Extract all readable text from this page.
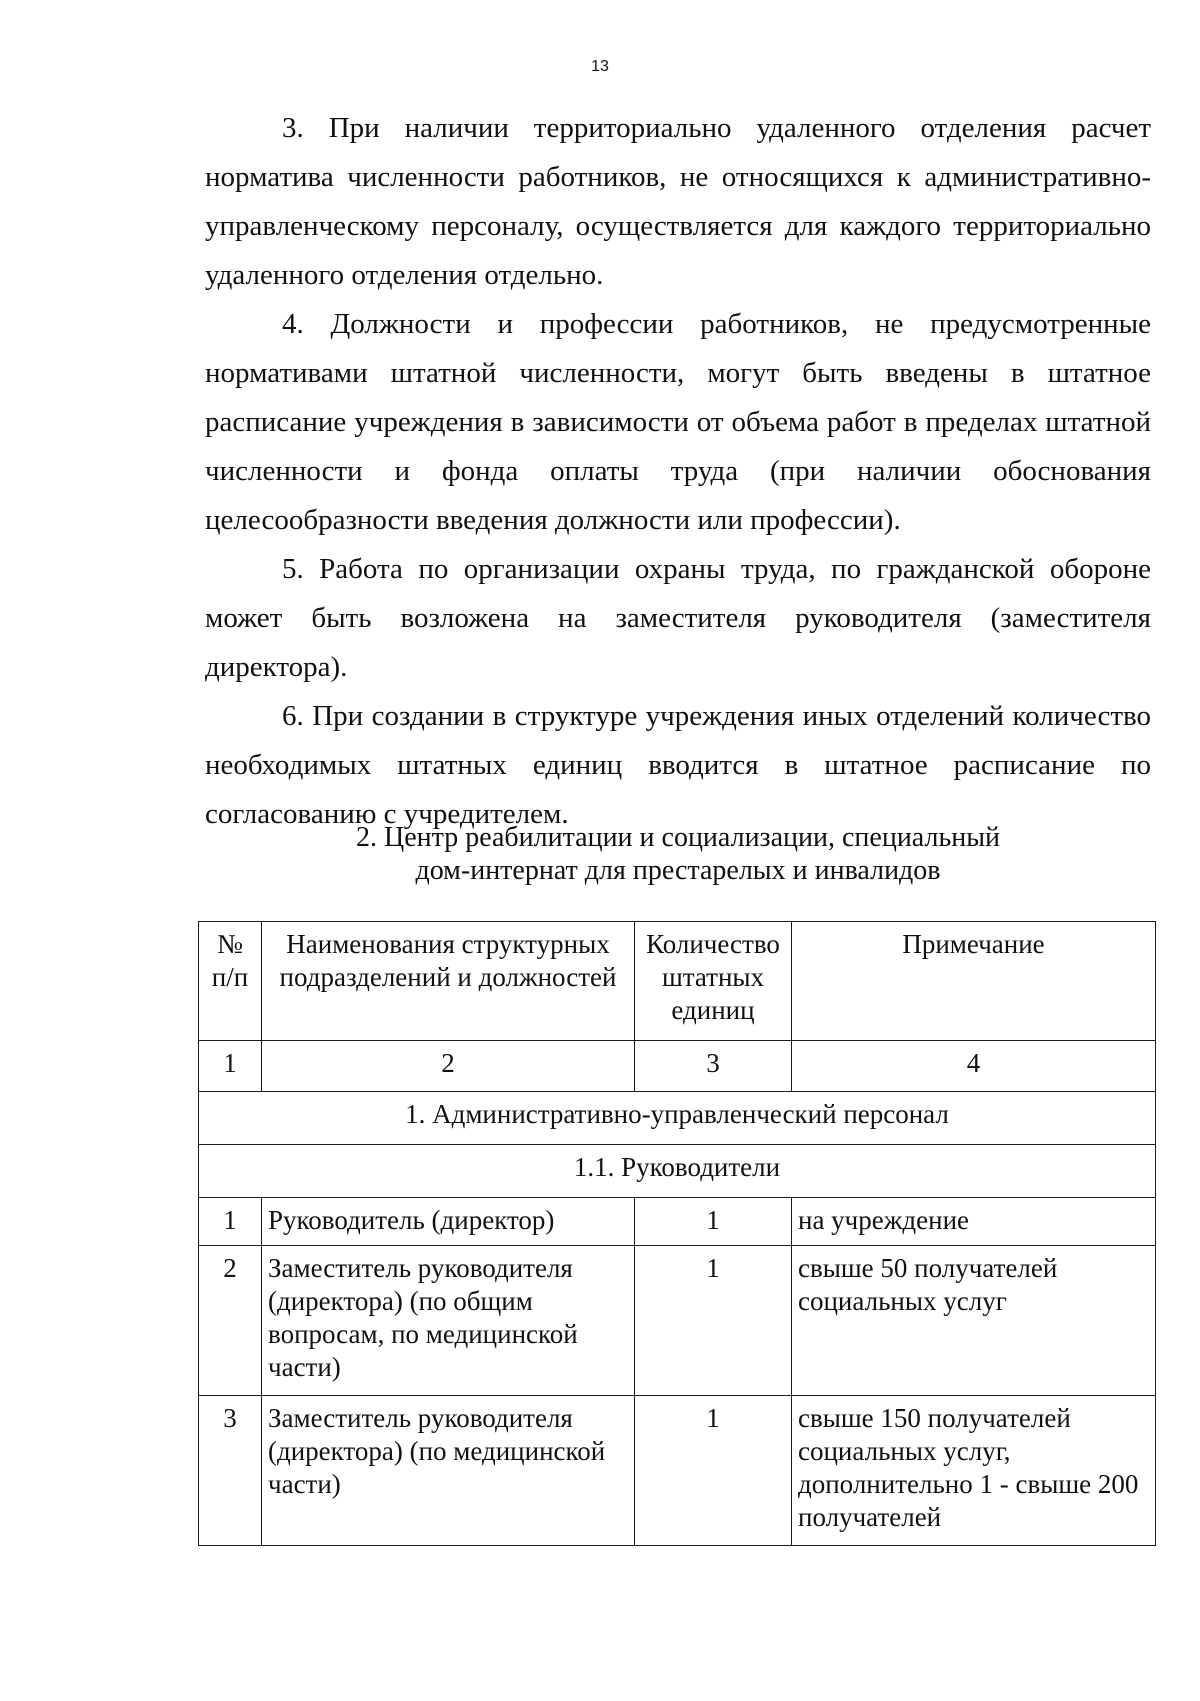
13

3. При наличии территориально удаленного отделения расчет норматива численности работников, не относящихся к административно-управленческому персоналу, осуществляется для каждого территориально удаленного отделения отдельно.

4. Должности и профессии работников, не предусмотренные нормативами штатной численности, могут быть введены в штатное расписание учреждения в зависимости от объема работ в пределах штатной численности и фонда оплаты труда (при наличии обоснования целесообразности введения должности или профессии).

5. Работа по организации охраны труда, по гражданской обороне может быть возложена на заместителя руководителя (заместителя директора).

6. При создании в структуре учреждения иных отделений количество необходимых штатных единиц вводится в штатное расписание по согласованию с учредителем.

2. Центр реабилитации и социализации, специальный
дом-интернат для престарелых и инвалидов
№ п/п	Наименования структурных подразделений и должностей	Количество штатных единиц	Примечание
1	2	3	4
1. Административно-управленческий персонал			
1.1. Руководители			
1	Руководитель (директор)	1	на учреждение
2	Заместитель руководителя (директора) (по общим вопросам, по медицинской части)	1	свыше 50 получателей социальных услуг
3	Заместитель руководителя (директора) (по медицинской части)	1	свыше 150 получателей социальных услуг, дополнительно 1 - свыше 200 получателей
